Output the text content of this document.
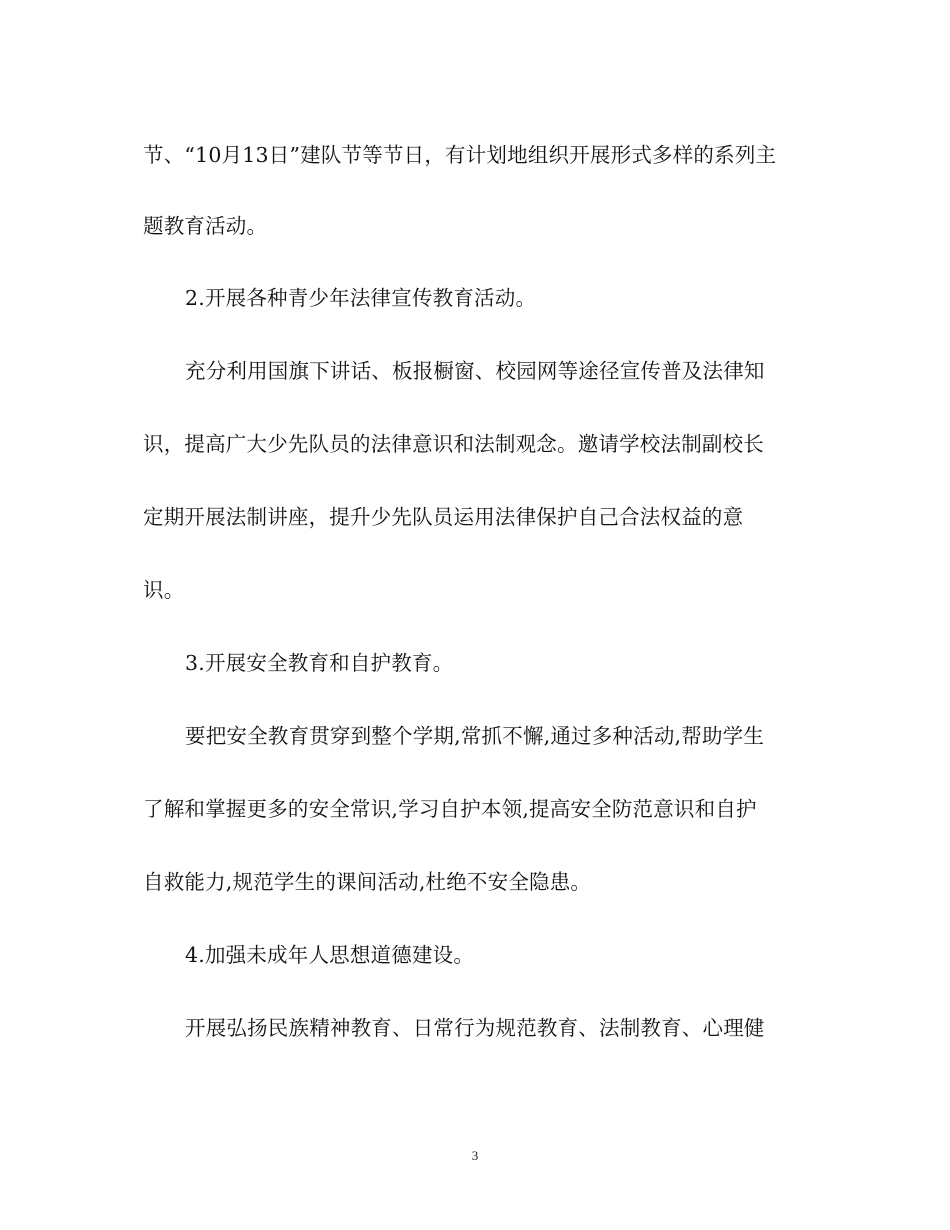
节、“10月13日”建队节等节日，有计划地组织开展形式多样的系列主
题教育活动。
2.开展各种青少年法律宣传教育活动。
充分利用国旗下讲话、板报橱窗、校园网等途径宣传普及法律知
识，提高广大少先队员的法律意识和法制观念。邀请学校法制副校长
定期开展法制讲座，提升少先队员运用法律保护自己合法权益的意
识。
3.开展安全教育和自护教育。
要把安全教育贯穿到整个学期,常抓不懈,通过多种活动,帮助学生
了解和掌握更多的安全常识,学习自护本领,提高安全防范意识和自护
自救能力,规范学生的课间活动,杜绝不安全隐患。
4.加强未成年人思想道德建设。
开展弘扬民族精神教育、日常行为规范教育、法制教育、心理健
3
